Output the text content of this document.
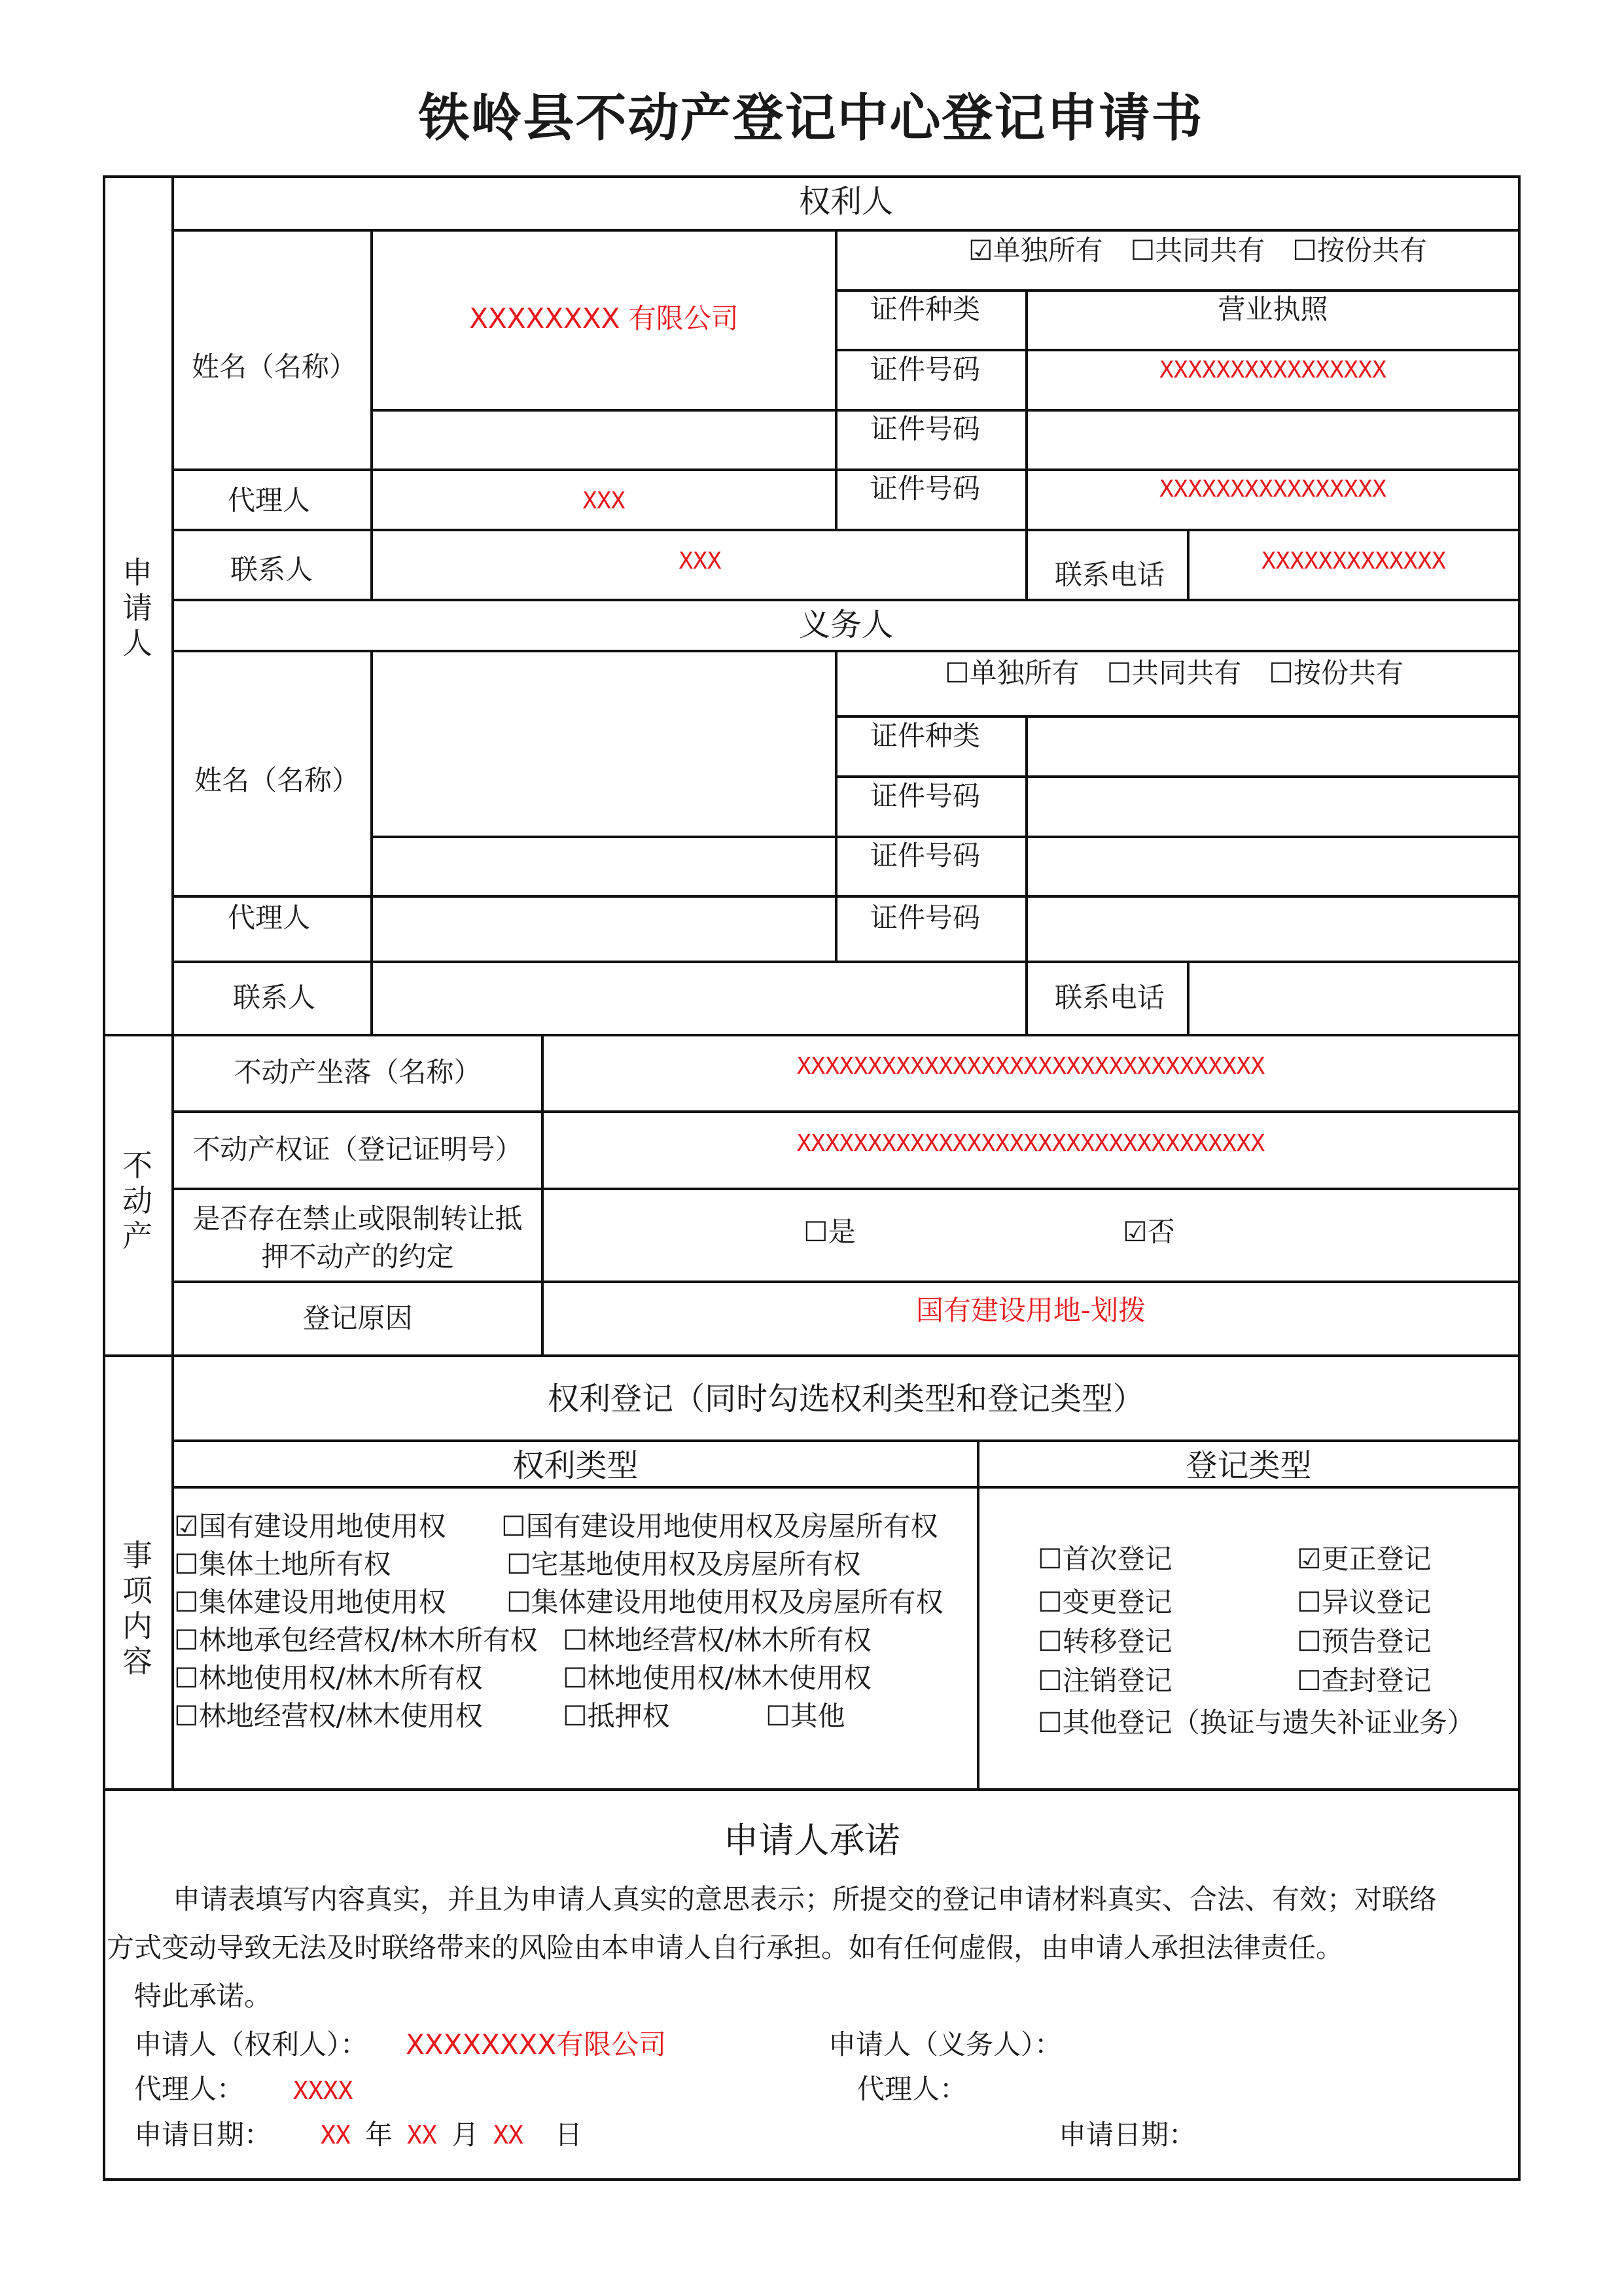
铁岭县不动产登记中心登记申请书
申请人
不动产
事项内容
权利人
☑单独所有　☐共同共有　☐按份共有
姓名（名称）
XXXXXXXX 有限公司	证件种类	营业执照
证件号码	XXXXXXXXXXXXXXXX
证件号码
代理人	XXX	证件号码	XXXXXXXXXXXXXXXX
联系人	XXX	联系电话	XXXXXXXXXXXXX
义务人
☐单独所有　☐共同共有　☐按份共有
姓名（名称）
证件种类
证件号码
证件号码
代理人	证件号码
联系人	联系电话
不动产坐落（名称）	XXXXXXXXXXXXXXXXXXXXXXXXXXXXXXXXX
不动产权证（登记证明号）	XXXXXXXXXXXXXXXXXXXXXXXXXXXXXXXXX
是否存在禁止或限制转让抵
押不动产的约定
☐是	☑否
登记原因	国有建设用地-划拨
权利登记（同时勾选权利类型和登记类型）
权利类型	登记类型
☑国有建设用地使用权 ☐国有建设用地使用权及房屋所有权
☐集体土地所有权	☐宅基地使用权及房屋所有权
☐集体建设用地使用权 ☐集体建设用地使用权及房屋所有权
☐林地承包经营权/林木所有权 ☐林地经营权/林木所有权
☐林地使用权/林木所有权	☐林地使用权/林木使用权
☐林地经营权/林木使用权	☐抵押权	☐其他
☐首次登记	☑更正登记
☐变更登记	☐异议登记
☐转移登记	☐预告登记
☐注销登记	☐查封登记
☐其他登记（换证与遗失补证业务）
申请人承诺
申请表填写内容真实，并且为申请人真实的意思表示；所提交的登记申请材料真实、合法、有效；对联络
方式变动导致无法及时联络带来的风险由本申请人自行承担。如有任何虚假，由申请人承担法律责任。
特此承诺。
申请人（权利人）： XXXXXXXX有限公司	申请人（义务人）：
代理人： XXXX	代理人：
申请日期： XX 年 XX 月 XX 日	申请日期：
